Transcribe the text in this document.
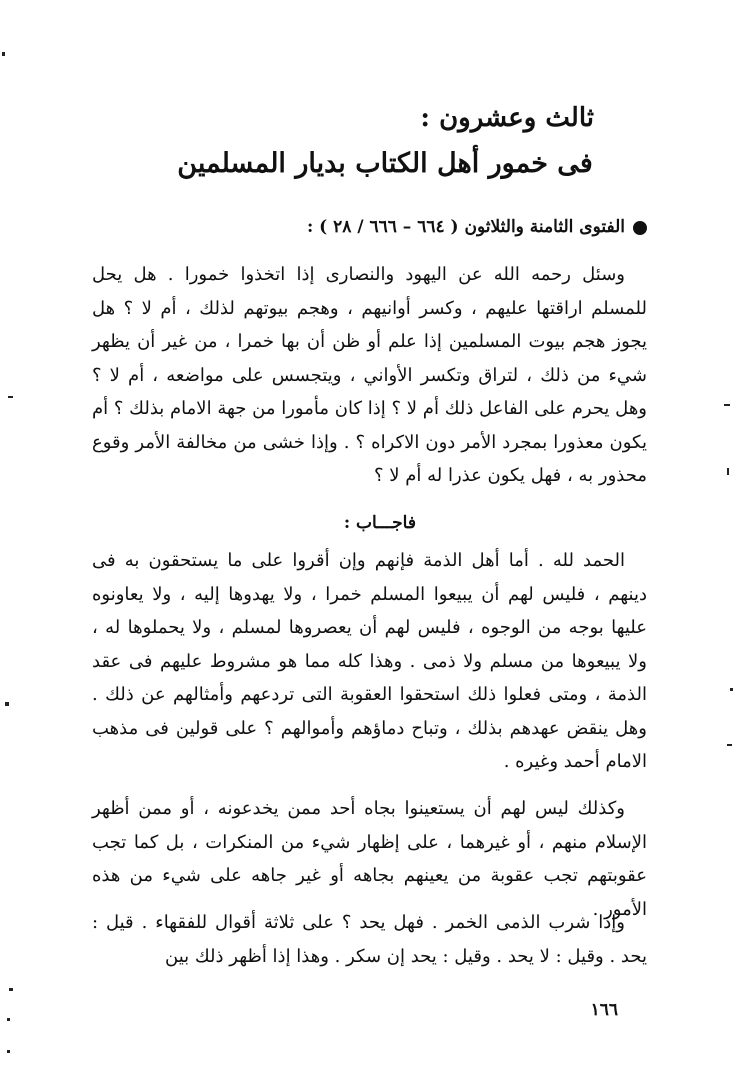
ثالث وعشرون :
فى خمور أهل الكتاب بديار المسلمين
الفتوى الثامنة والثلاثون ( ٦٦٤ – ٦٦٦ / ٢٨ ) :
وسئل رحمه الله عن اليهود والنصارى إذا اتخذوا خمورا . هل يحل للمسلم اراقتها عليهم ، وكسر أوانيهم ، وهجم بيوتهم لذلك ، أم لا ؟ هل يجوز هجم بيوت المسلمين إذا علم أو ظن أن بها خمرا ، من غير أن يظهر شيء من ذلك ، لتراق وتكسر الأواني ، ويتجسس على مواضعه ، أم لا ؟ وهل يحرم على الفاعل ذلك أم لا ؟ إذا كان مأمورا من جهة الامام بذلك ؟ أم يكون معذورا بمجرد الأمر دون الاكراه ؟ . وإذا خشى من مخالفة الأمر وقوع محذور به ، فهل يكون عذرا له أم لا ؟
فاجـــاب :
الحمد لله . أما أهل الذمة فإنهم وإن أقروا على ما يستحقون به فى دينهم ، فليس لهم أن يبيعوا المسلم خمرا ، ولا يهدوها إليه ، ولا يعاونوه عليها بوجه من الوجوه ، فليس لهم أن يعصروها لمسلم ، ولا يحملوها له ، ولا يبيعوها من مسلم ولا ذمى . وهذا كله مما هو مشروط عليهم فى عقد الذمة ، ومتى فعلوا ذلك استحقوا العقوبة التى تردعهم وأمثالهم عن ذلك . وهل ينقض عهدهم بذلك ، وتباح دماؤهم وأموالهم ؟ على قولين فى مذهب الامام أحمد وغيره .
وكذلك ليس لهم أن يستعينوا بجاه أحد ممن يخدعونه ، أو ممن أظهر الإسلام منهم ، أو غيرهما ، على إظهار شيء من المنكرات ، بل كما تجب عقوبتهم تجب عقوبة من يعينهم بجاهه أو غير جاهه على شيء من هذه الأمور .
وإذا شرب الذمى الخمر . فهل يحد ؟ على ثلاثة أقوال للفقهاء . قيل : يحد . وقيل : لا يحد . وقيل : يحد إن سكر . وهذا إذا أظهر ذلك بين
١٦٦
